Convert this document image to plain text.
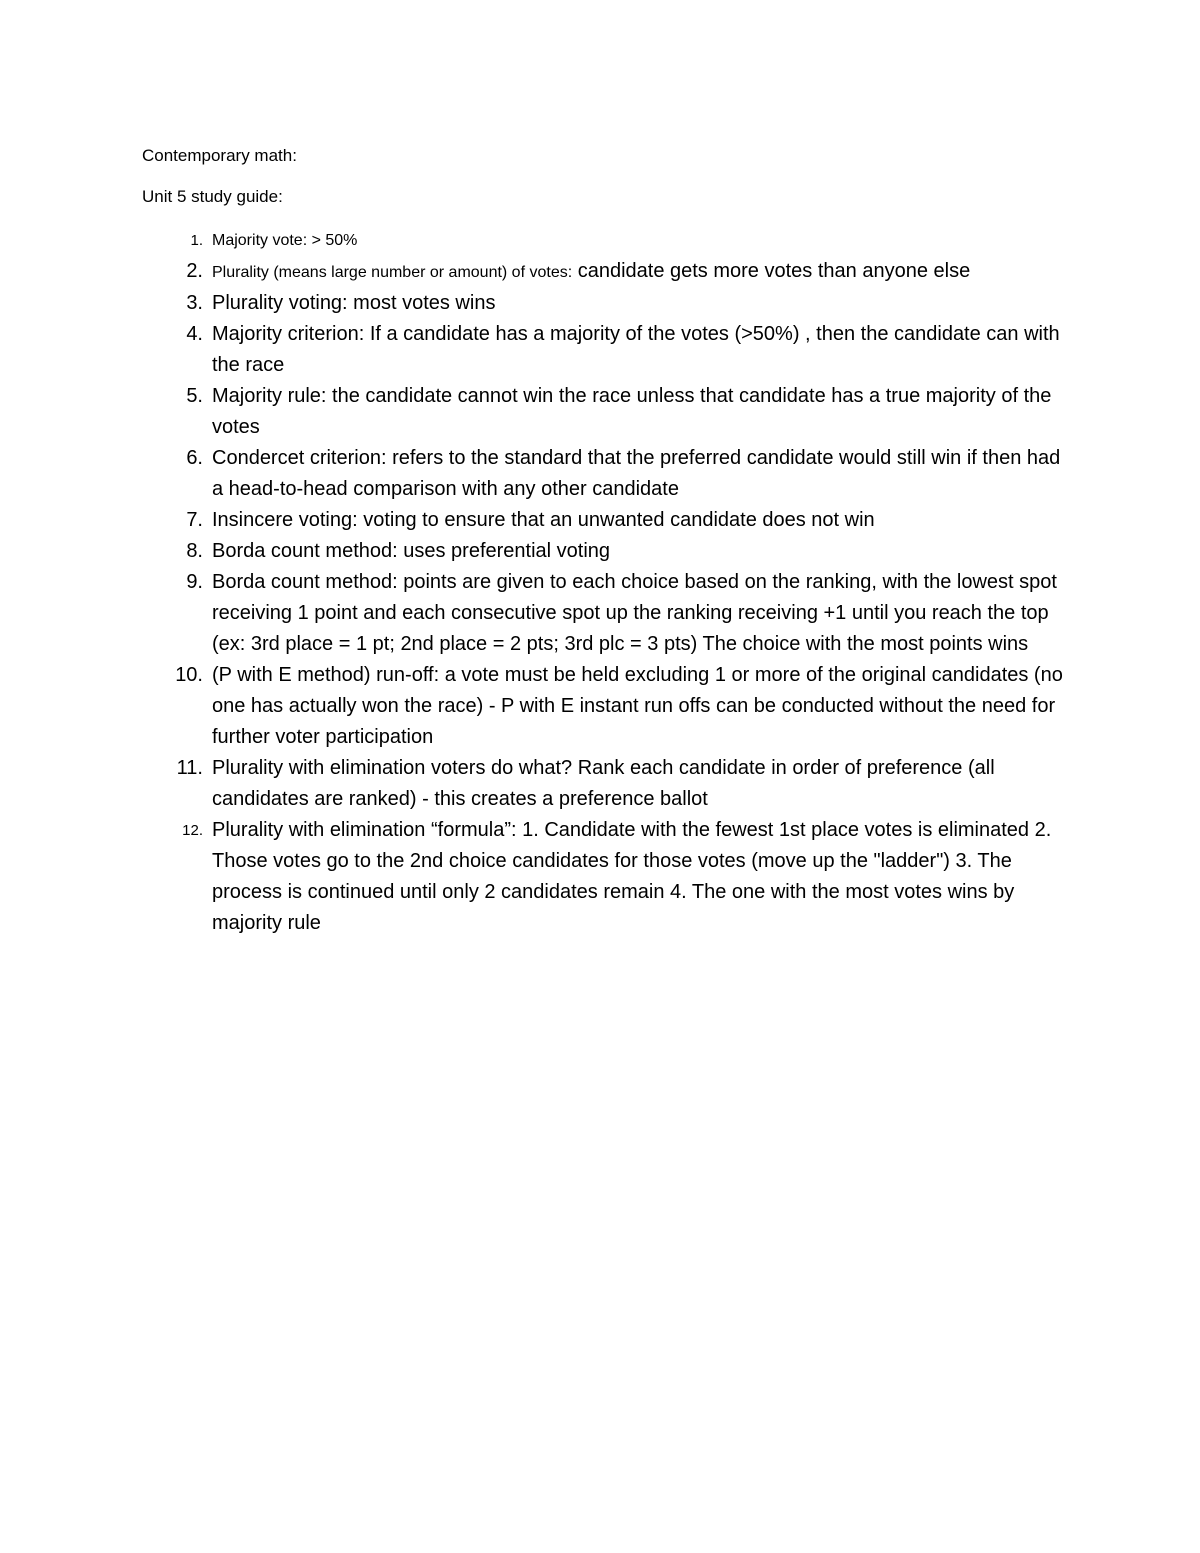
Contemporary math:

Unit 5 study guide:

1. Majority vote: > 50%
2. Plurality (means large number or amount) of votes: candidate gets more votes than anyone else
3. Plurality voting: most votes wins
4. Majority criterion: If a candidate has a majority of the votes (>50%) , then the candidate can with the race
5. Majority rule: the candidate cannot win the race unless that candidate has a true majority of the votes
6. Condercet criterion: refers to the standard that the preferred candidate would still win if then had a head-to-head comparison with any other candidate
7. Insincere voting: voting to ensure that an unwanted candidate does not win
8. Borda count method: uses preferential voting
9. Borda count method: points are given to each choice based on the ranking, with the lowest spot receiving 1 point and each consecutive spot up the ranking receiving +1 until you reach the top (ex: 3rd place = 1 pt; 2nd place = 2 pts; 3rd plc = 3 pts) The choice with the most points wins
10. (P with E method) run-off: a vote must be held excluding 1 or more of the original candidates (no one has actually won the race) - P with E instant run offs can be conducted without the need for further voter participation
11. Plurality with elimination voters do what? Rank each candidate in order of preference (all candidates are ranked) - this creates a preference ballot
12. Plurality with elimination “formula”: 1. Candidate with the fewest 1st place votes is eliminated 2. Those votes go to the 2nd choice candidates for those votes (move up the "ladder") 3. The process is continued until only 2 candidates remain 4. The one with the most votes wins by majority rule
